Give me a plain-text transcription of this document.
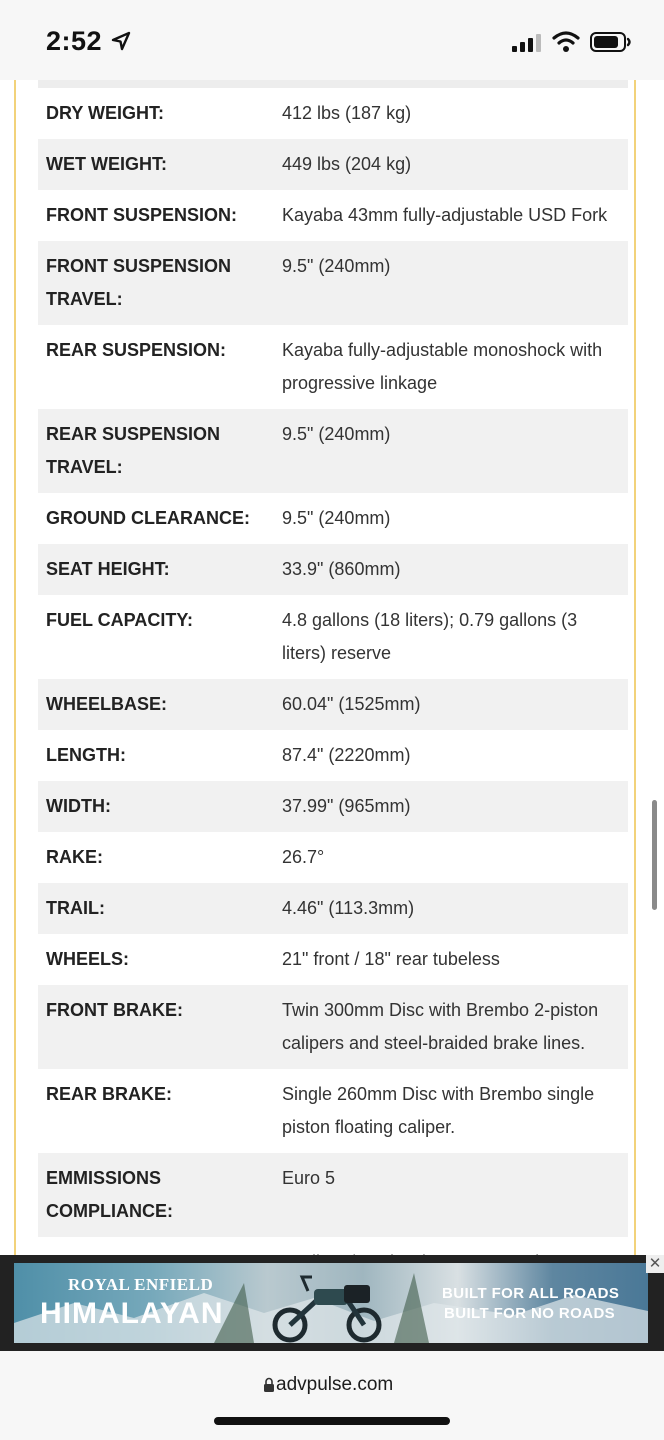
2:52
DRY WEIGHT:	412 lbs (187 kg)
WET WEIGHT:	449 lbs (204 kg)
FRONT SUSPENSION:	Kayaba 43mm fully-adjustable USD Fork
FRONT SUSPENSION TRAVEL:
9.5" (240mm)
REAR SUSPENSION:	Kayaba fully-adjustable monoshock with progressive linkage
REAR SUSPENSION TRAVEL:
9.5" (240mm)
GROUND CLEARANCE:	9.5" (240mm)
SEAT HEIGHT:	33.9" (860mm)
FUEL CAPACITY:	4.8 gallons (18 liters); 0.79 gallons (3 liters) reserve
WHEELBASE:	60.04" (1525mm)
LENGTH:	87.4" (2220mm)
WIDTH:	37.99" (965mm)
RAKE:	26.7°
TRAIL:	4.46" (113.3mm)
WHEELS:	21" front / 18" rear tubeless
FRONT BRAKE:	Twin 300mm Disc with Brembo 2-piston calipers and steel-braided brake lines.
REAR BRAKE:	Single 260mm Disc with Brembo single piston floating caliper.
EMMISSIONS COMPLIANCE:
Euro 5
ROYAL ENFIELD
HIMALAYAN
BUILT FOR ALL ROADS
BUILT FOR NO ROADS
✕
advpulse.com
